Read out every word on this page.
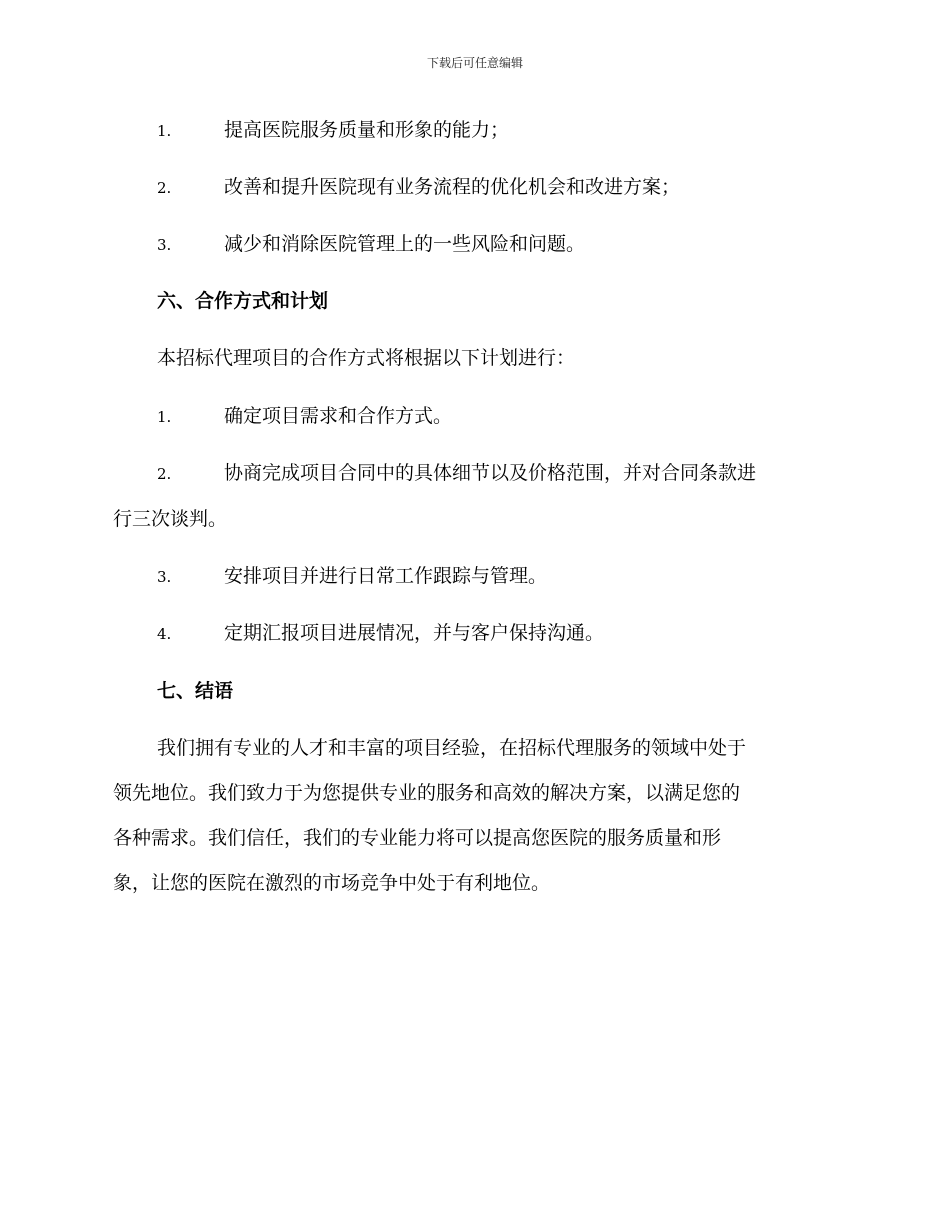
下载后可任意编辑
1.	提高医院服务质量和形象的能力；
2.	改善和提升医院现有业务流程的优化机会和改进方案；
3.	减少和消除医院管理上的一些风险和问题。
六、合作方式和计划
本招标代理项目的合作方式将根据以下计划进行：
1.	确定项目需求和合作方式。
2.	协商完成项目合同中的具体细节以及价格范围，并对合同条款进
行三次谈判。
3.	安排项目并进行日常工作跟踪与管理。
4.	定期汇报项目进展情况，并与客户保持沟通。
七、结语
我们拥有专业的人才和丰富的项目经验，在招标代理服务的领域中处于
领先地位。我们致力于为您提供专业的服务和高效的解决方案，以满足您的
各种需求。我们信任，我们的专业能力将可以提高您医院的服务质量和形
象，让您的医院在激烈的市场竞争中处于有利地位。
